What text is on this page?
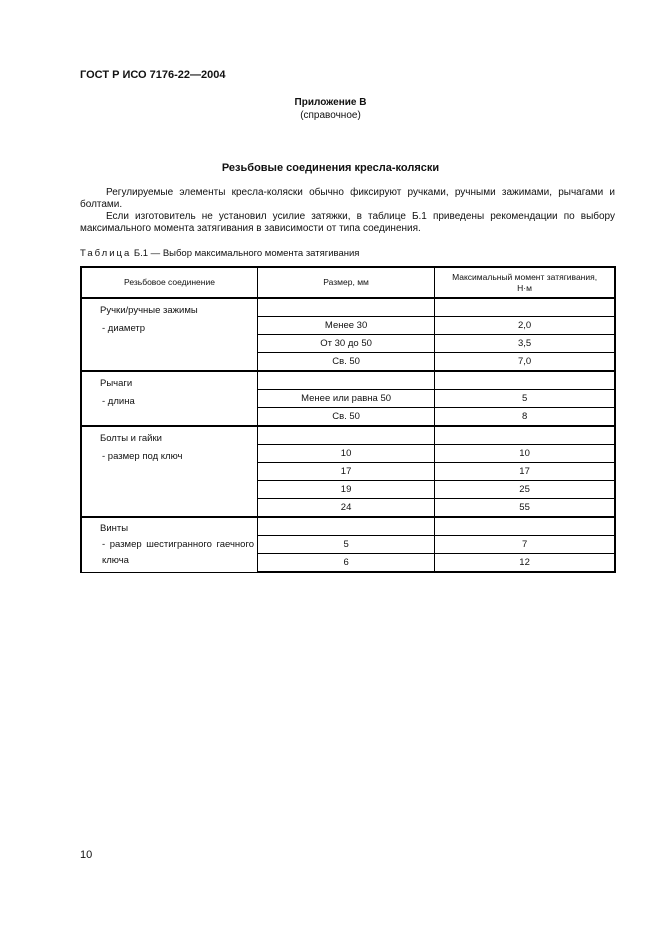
ГОСТ Р ИСО 7176-22—2004
Приложение В
(справочное)
Резьбовые соединения кресла-коляски
Регулируемые элементы кресла-коляски обычно фиксируют ручками, ручными зажимами, рычагами и болтами.
Если изготовитель не установил усилие затяжки, в таблице Б.1 приведены рекомендации по выбору максимального момента затягивания в зависимости от типа соединения.
Таблица Б.1 — Выбор максимального момента затягивания
Резьбовое соединение	Размер, мм	Максимальный момент затягивания,
Н·м

Ручки/ручные зажимы
- диаметр		

	Менее 30	2,0
	От 30 до 50	3,5
	Св. 50	7,0

Рычаги
- длина		

	Менее или равна 50	5
	Св. 50	8

Болты и гайки
- размер под ключ		

	10	10
	17	17
	19	25
	24	55

Винты
- размер шестигранного гаечного ключа		

	5	7
	6	12
10
